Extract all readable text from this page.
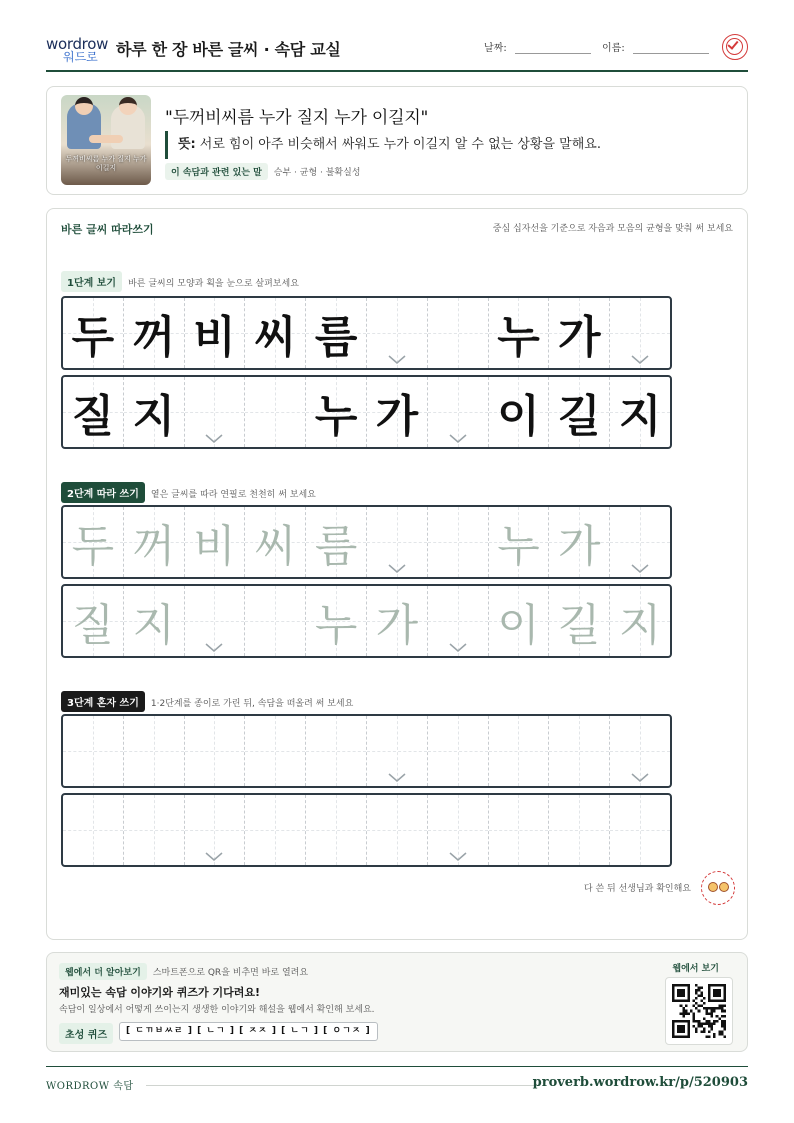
wordrow
워드로 하루 한 장 바른 글씨 · 속담 교실	날짜:	이름:
두꺼비씨름 누가 질지 누가 이길지
"두꺼비씨름 누가 질지 누가 이길지"
뜻: 서로 힘이 아주 비슷해서 싸워도 누가 이길지 알 수 없는 상황을 말해요.
이 속담과 관련 있는 말 승부 · 균형 · 불확실성
바른 글씨 따라쓰기	중심 십자선을 기준으로 자음과 모음의 균형을 맞춰 써 보세요
1단계 보기 바른 글씨의 모양과 획을 눈으로 살펴보세요
두 꺼 비 씨 름	누 가
질 지	누 가 이 길 지
2단계 따라 쓰기 옅은 글씨를 따라 연필로 천천히 써 보세요
두 꺼 비 씨 름	누 가
질 지	누 가 이 길 지
3단계 혼자 쓰기 1·2단계를 종이로 가린 뒤, 속담을 떠올려 써 보세요
다 쓴 뒤 선생님과 확인해요
웹에서 더 알아보기 스마트폰으로 QR을 비추면 바로 열려요
재미있는 속담 이야기와 퀴즈가 기다려요!
속담이 일상에서 어떻게 쓰이는지 생생한 이야기와 해설을 웹에서 확인해 보세요.
초성 퀴즈	[ ㄷㄲㅂㅆㄹ ] [ ㄴㄱ ] [ ㅈㅈ ] [ ㄴㄱ ] [ ㅇㄱㅈ ]
웹에서 보기
WORDROW 속담	proverb.wordrow.kr/p/520903
